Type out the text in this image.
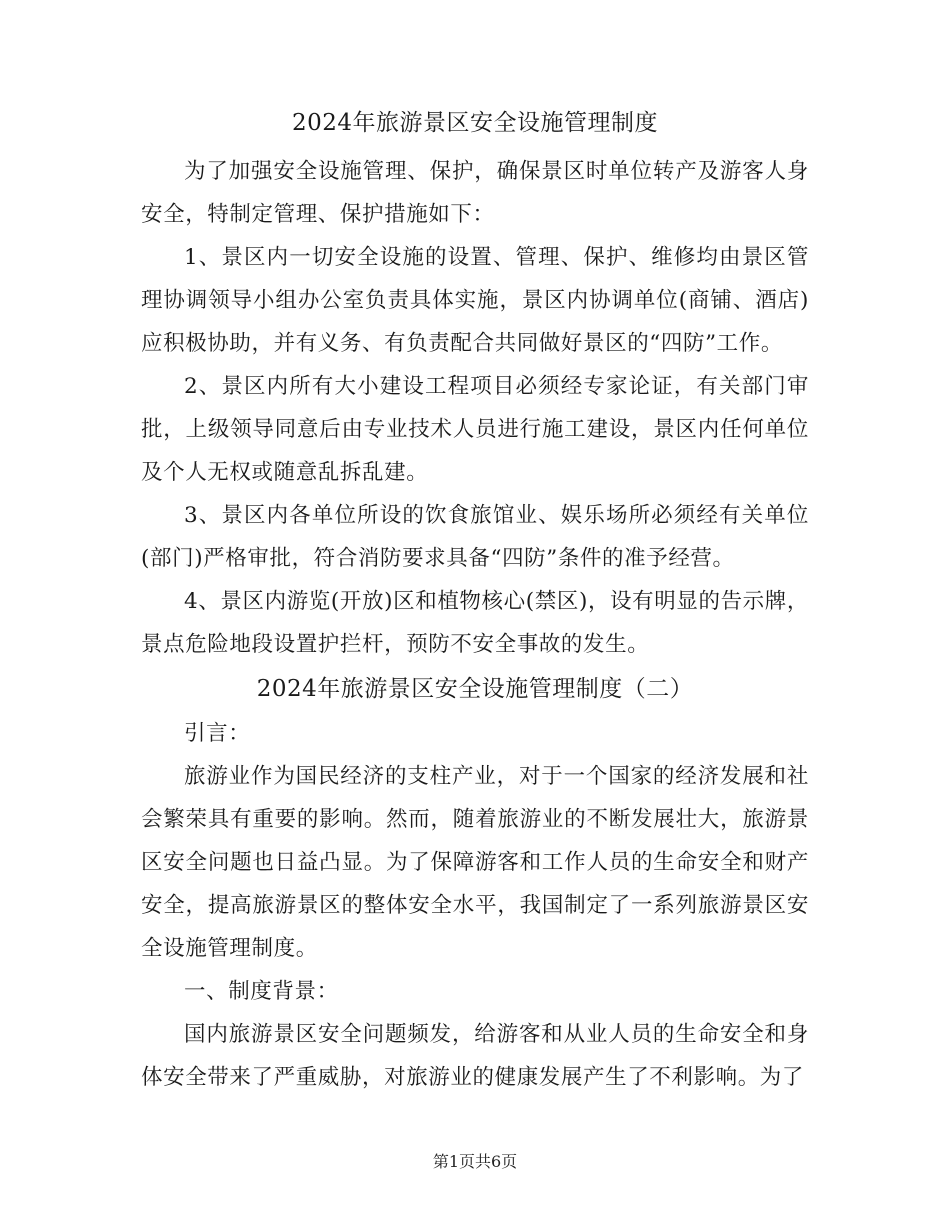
2024年旅游景区安全设施管理制度

为了加强安全设施管理、保护，确保景区时单位转产及游客人身安全，特制定管理、保护措施如下：

1、景区内一切安全设施的设置、管理、保护、维修均由景区管理协调领导小组办公室负责具体实施，景区内协调单位(商铺、酒店)应积极协助，并有义务、有负责配合共同做好景区的“四防”工作。

2、景区内所有大小建设工程项目必须经专家论证，有关部门审批，上级领导同意后由专业技术人员进行施工建设，景区内任何单位及个人无权或随意乱拆乱建。

3、景区内各单位所设的饮食旅馆业、娱乐场所必须经有关单位(部门)严格审批，符合消防要求具备“四防”条件的准予经营。

4、景区内游览(开放)区和植物核心(禁区)，设有明显的告示牌，景点危险地段设置护拦杆，预防不安全事故的发生。

2024年旅游景区安全设施管理制度（二）

引言：

旅游业作为国民经济的支柱产业，对于一个国家的经济发展和社会繁荣具有重要的影响。然而，随着旅游业的不断发展壮大，旅游景区安全问题也日益凸显。为了保障游客和工作人员的生命安全和财产安全，提高旅游景区的整体安全水平，我国制定了一系列旅游景区安全设施管理制度。

一、制度背景：

国内旅游景区安全问题频发，给游客和从业人员的生命安全和身体安全带来了严重威胁，对旅游业的健康发展产生了不利影响。为了

第1页共6页
